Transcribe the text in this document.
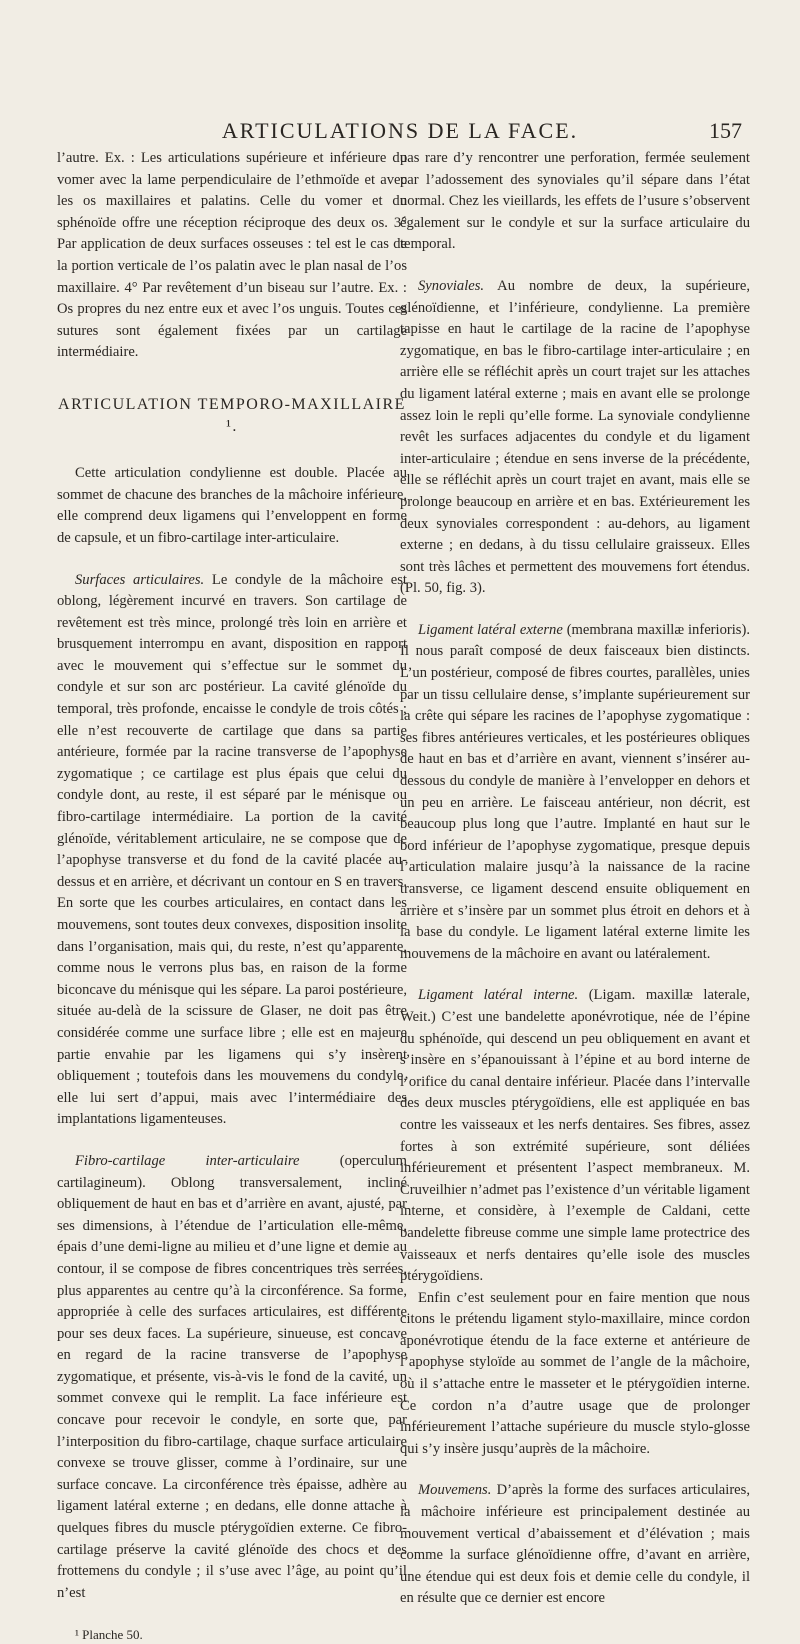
ARTICULATIONS DE LA FACE.	157

l’autre. Ex. : Les articulations supérieure et inférieure du vomer avec la lame perpendiculaire de l’ethmoïde et avec les os maxillaires et palatins. Celle du vomer et du sphénoïde offre une réception réciproque des deux os. 3° Par application de deux surfaces osseuses : tel est le cas de la portion verticale de l’os palatin avec le plan nasal de l’os maxillaire. 4° Par revêtement d’un biseau sur l’autre. Ex. : Os propres du nez entre eux et avec l’os unguis. Toutes ces sutures sont également fixées par un cartilage intermédiaire.

ARTICULATION TEMPORO-MAXILLAIRE ¹.

Cette articulation condylienne est double. Placée au sommet de chacune des branches de la mâchoire inférieure, elle comprend deux ligamens qui l’enveloppent en forme de capsule, et un fibro-cartilage inter-articulaire.

Surfaces articulaires. Le condyle de la mâchoire est oblong, légèrement incurvé en travers. Son cartilage de revêtement est très mince, prolongé très loin en arrière et brusquement interrompu en avant, disposition en rapport avec le mouvement qui s’effectue sur le sommet du condyle et sur son arc postérieur. La cavité glénoïde du temporal, très profonde, encaisse le condyle de trois côtés ; elle n’est recouverte de cartilage que dans sa partie antérieure, formée par la racine transverse de l’apophyse zygomatique ; ce cartilage est plus épais que celui du condyle dont, au reste, il est séparé par le ménisque ou fibro-cartilage intermédiaire. La portion de la cavité glénoïde, véritablement articulaire, ne se compose que de l’apophyse transverse et du fond de la cavité placée au-dessus et en arrière, et décrivant un contour en S en travers. En sorte que les courbes articulaires, en contact dans les mouvemens, sont toutes deux convexes, disposition insolite dans l’organisation, mais qui, du reste, n’est qu’apparente, comme nous le verrons plus bas, en raison de la forme biconcave du ménisque qui les sépare. La paroi postérieure, située au-delà de la scissure de Glaser, ne doit pas être considérée comme une surface libre ; elle est en majeure partie envahie par les ligamens qui s’y insèrent obliquement ; toutefois dans les mouvemens du condyle, elle lui sert d’appui, mais avec l’intermédiaire des implantations ligamenteuses.

Fibro-cartilage inter-articulaire (operculum cartilagineum). Oblong transversalement, incliné obliquement de haut en bas et d’arrière en avant, ajusté, par ses dimensions, à l’étendue de l’articulation elle-même, épais d’une demi-ligne au milieu et d’une ligne et demie au contour, il se compose de fibres concentriques très serrées, plus apparentes au centre qu’à la circonférence. Sa forme, appropriée à celle des surfaces articulaires, est différente pour ses deux faces. La supérieure, sinueuse, est concave en regard de la racine transverse de l’apophyse zygomatique, et présente, vis-à-vis le fond de la cavité, un sommet convexe qui le remplit. La face inférieure est concave pour recevoir le condyle, en sorte que, par l’interposition du fibro-cartilage, chaque surface articulaire convexe se trouve glisser, comme à l’ordinaire, sur une surface concave. La circonférence très épaisse, adhère au ligament latéral externe ; en dedans, elle donne attache à quelques fibres du muscle ptérygoïdien externe. Ce fibro-cartilage préserve la cavité glénoïde des chocs et des frottemens du condyle ; il s’use avec l’âge, au point qu’il n’est

¹ Planche 50.

pas rare d’y rencontrer une perforation, fermée seulement par l’adossement des synoviales qu’il sépare dans l’état normal. Chez les vieillards, les effets de l’usure s’observent également sur le condyle et sur la surface articulaire du temporal.

Synoviales. Au nombre de deux, la supérieure, glénoïdienne, et l’inférieure, condylienne. La première tapisse en haut le cartilage de la racine de l’apophyse zygomatique, en bas le fibro-cartilage inter-articulaire ; en arrière elle se réfléchit après un court trajet sur les attaches du ligament latéral externe ; mais en avant elle se prolonge assez loin le repli qu’elle forme. La synoviale condylienne revêt les surfaces adjacentes du condyle et du ligament inter-articulaire ; étendue en sens inverse de la précédente, elle se réfléchit après un court trajet en avant, mais elle se prolonge beaucoup en arrière et en bas. Extérieurement les deux synoviales correspondent : au-dehors, au ligament externe ; en dedans, à du tissu cellulaire graisseux. Elles sont très lâches et permettent des mouvemens fort étendus. (Pl. 50, fig. 3).

Ligament latéral externe (membrana maxillæ inferioris). Il nous paraît composé de deux faisceaux bien distincts. L’un postérieur, composé de fibres courtes, parallèles, unies par un tissu cellulaire dense, s’implante supérieurement sur la crête qui sépare les racines de l’apophyse zygomatique : ses fibres antérieures verticales, et les postérieures obliques de haut en bas et d’arrière en avant, viennent s’insérer au-dessous du condyle de manière à l’envelopper en dehors et un peu en arrière. Le faisceau antérieur, non décrit, est beaucoup plus long que l’autre. Implanté en haut sur le bord inférieur de l’apophyse zygomatique, presque depuis l’articulation malaire jusqu’à la naissance de la racine transverse, ce ligament descend ensuite obliquement en arrière et s’insère par un sommet plus étroit en dehors et à la base du condyle. Le ligament latéral externe limite les mouvemens de la mâchoire en avant ou latéralement.

Ligament latéral interne. (Ligam. maxillæ laterale, Weit.) C’est une bandelette aponévrotique, née de l’épine du sphénoïde, qui descend un peu obliquement en avant et s’insère en s’épanouissant à l’épine et au bord interne de l’orifice du canal dentaire inférieur. Placée dans l’intervalle des deux muscles ptérygoïdiens, elle est appliquée en bas contre les vaisseaux et les nerfs dentaires. Ses fibres, assez fortes à son extrémité supérieure, sont déliées inférieurement et présentent l’aspect membraneux. M. Cruveilhier n’admet pas l’existence d’un véritable ligament interne, et considère, à l’exemple de Caldani, cette bandelette fibreuse comme une simple lame protectrice des vaisseaux et nerfs dentaires qu’elle isole des muscles ptérygoïdiens.

Enfin c’est seulement pour en faire mention que nous citons le prétendu ligament stylo-maxillaire, mince cordon aponévrotique étendu de la face externe et antérieure de l’apophyse styloïde au sommet de l’angle de la mâchoire, où il s’attache entre le masseter et le ptérygoïdien interne. Ce cordon n’a d’autre usage que de prolonger inférieurement l’attache supérieure du muscle stylo-glosse qui s’y insère jusqu’auprès de la mâchoire.

Mouvemens. D’après la forme des surfaces articulaires, la mâchoire inférieure est principalement destinée au mouvement vertical d’abaissement et d’élévation ; mais comme la surface glénoïdienne offre, d’avant en arrière, une étendue qui est deux fois et demie celle du condyle, il en résulte que ce dernier est encore
